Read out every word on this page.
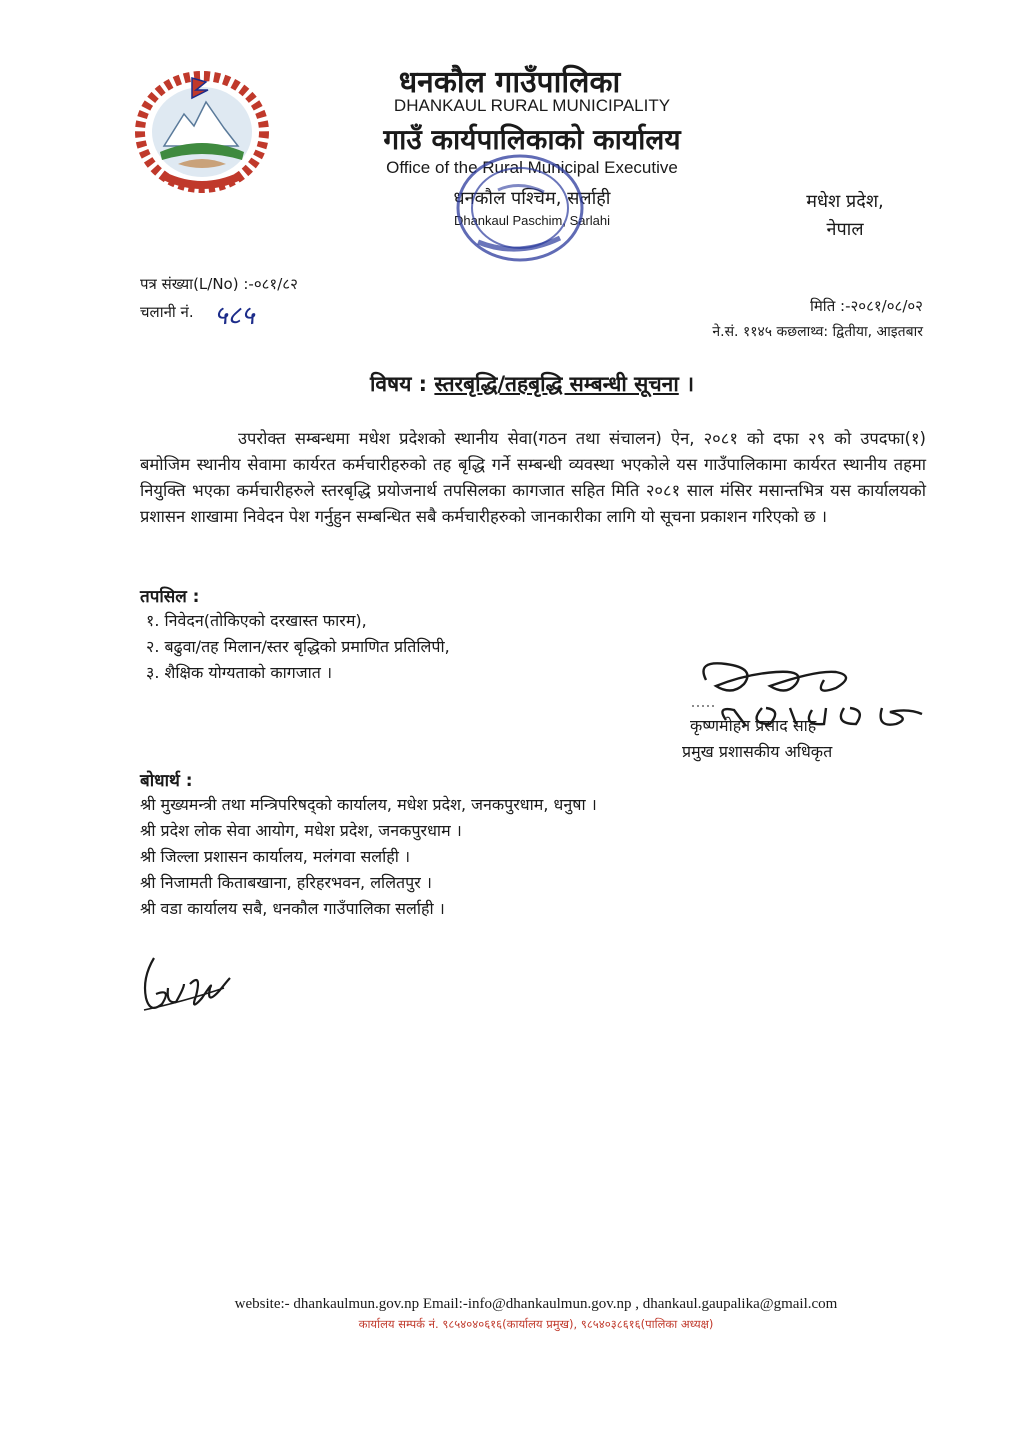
धनकौल गाउँपालिका
DHANKAUL RURAL MUNICIPALITY
गाउँ कार्यपालिकाको कार्यालय
Office of the Rural Municipal Executive
धनकौल पश्चिम, सर्लाही
Dhankaul Paschim, Sarlahi
मधेश प्रदेश,
नेपाल
पत्र संख्या(L/No) :-०८१/८२
चलानी नं. ५८५	मिति :-२०८१/०८/०२
ने.सं. ११४५ कछलाथ्व: द्वितीया, आइतबार
विषय : स्तरबृद्धि/तहबृद्धि सम्बन्धी सूचना ।

उपरोक्त सम्बन्धमा मधेश प्रदेशको स्थानीय सेवा(गठन तथा संचालन) ऐन, २०८१ को दफा २९ को उपदफा(१) बमोजिम स्थानीय सेवामा कार्यरत कर्मचारीहरुको तह बृद्धि गर्ने सम्बन्धी व्यवस्था भएकोले यस गाउँपालिकामा कार्यरत स्थानीय तहमा नियुक्ति भएका कर्मचारीहरुले स्तरबृद्धि प्रयोजनार्थ तपसिलका कागजात सहित मिति २०८१ साल मंसिर मसान्तभित्र यस कार्यालयको प्रशासन शाखामा निवेदन पेश गर्नुहुन सम्बन्धित सबै कर्मचारीहरुको जानकारीका लागि यो सूचना प्रकाशन गरिएको छ ।

तपसिल :
१. निवेदन(तोकिएको दरखास्त फारम),
२. बढुवा/तह मिलान/स्तर बृद्धिको प्रमाणित प्रतिलिपी,
३. शैक्षिक योग्यताको कागजात ।
कृष्णमोहन प्रसाद साह
प्रमुख प्रशासकीय अधिकृत
बोधार्थ :
श्री मुख्यमन्त्री तथा मन्त्रिपरिषद्को कार्यालय, मधेश प्रदेश, जनकपुरधाम, धनुषा ।
श्री प्रदेश लोक सेवा आयोग, मधेश प्रदेश, जनकपुरधाम ।
श्री जिल्ला प्रशासन कार्यालय, मलंगवा सर्लाही ।
श्री निजामती किताबखाना, हरिहरभवन, ललितपुर ।
श्री वडा कार्यालय सबै, धनकौल गाउँपालिका सर्लाही ।
website:- dhankaulmun.gov.np Email:-info@dhankaulmun.gov.np , dhankaul.gaupalika@gmail.com
कार्यालय सम्पर्क नं. ९८५४०४०६१६(कार्यालय प्रमुख), ९८५४०३८६१६(पालिका अध्यक्ष)
